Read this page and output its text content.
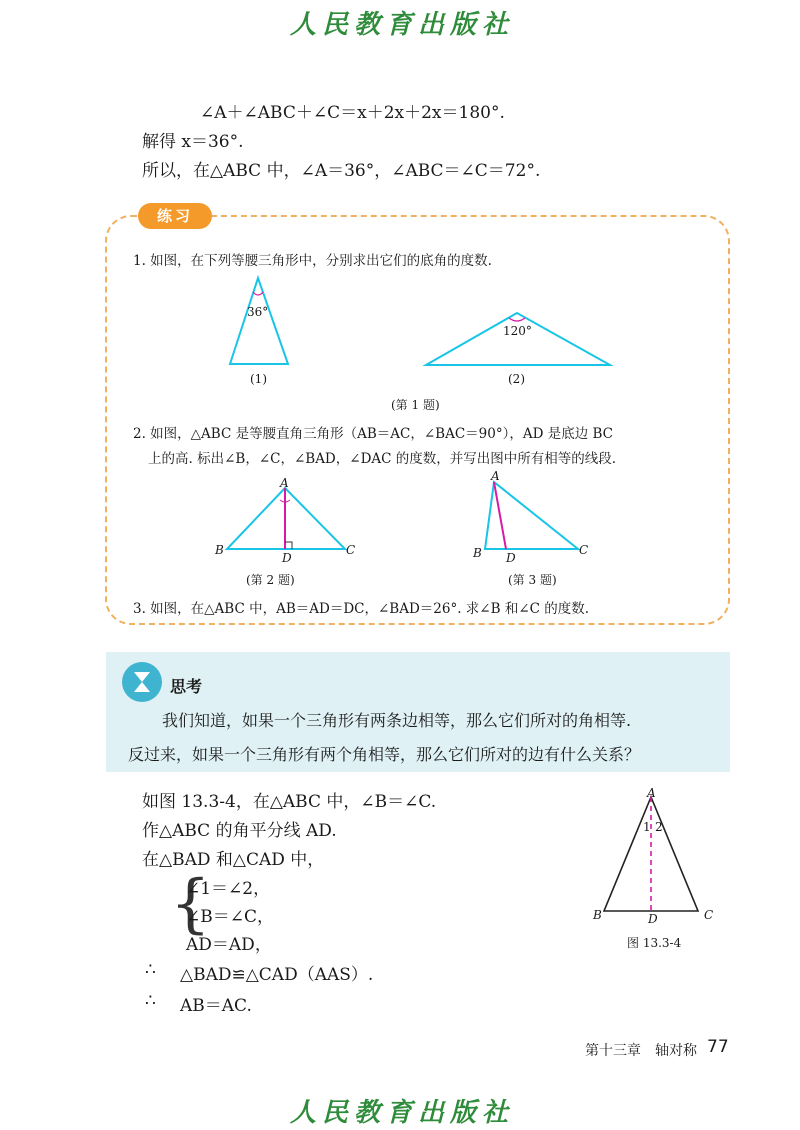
人民教育出版社
人民教育出版社
∠A＋∠ABC＋∠C＝x＋2x＋2x＝180°.
解得 x＝36°.
所以，在△ABC 中，∠A＝36°，∠ABC＝∠C＝72°.
练习
1. 如图，在下列等腰三角形中，分别求出它们的底角的度数.
36°
(1)
120°
(2)
(第 1 题)
2. 如图，△ABC 是等腰直角三角形（AB＝AC，∠BAC＝90°），AD 是底边 BC
上的高. 标出∠B，∠C，∠BAD，∠DAC 的度数，并写出图中所有相等的线段.
A
B
D
C
(第 2 题)
A
B D
C
(第 3 题)
3. 如图，在△ABC 中，AB＝AD＝DC，∠BAD＝26°. 求∠B 和∠C 的度数.
思考
我们知道，如果一个三角形有两条边相等，那么它们所对的角相等.
反过来，如果一个三角形有两个角相等，那么它们所对的边有什么关系？
如图 13.3-4，在△ABC 中，∠B＝∠C.
作△ABC 的角平分线 AD.
在△BAD 和△CAD 中，
{
∠1＝∠2，
∠B＝∠C，
AD＝AD，
∴ △BAD≌△CAD（AAS）.
∴ AB＝AC.
A
B	D	C
1 2
图 13.3-4
第十三章　轴对称 77
